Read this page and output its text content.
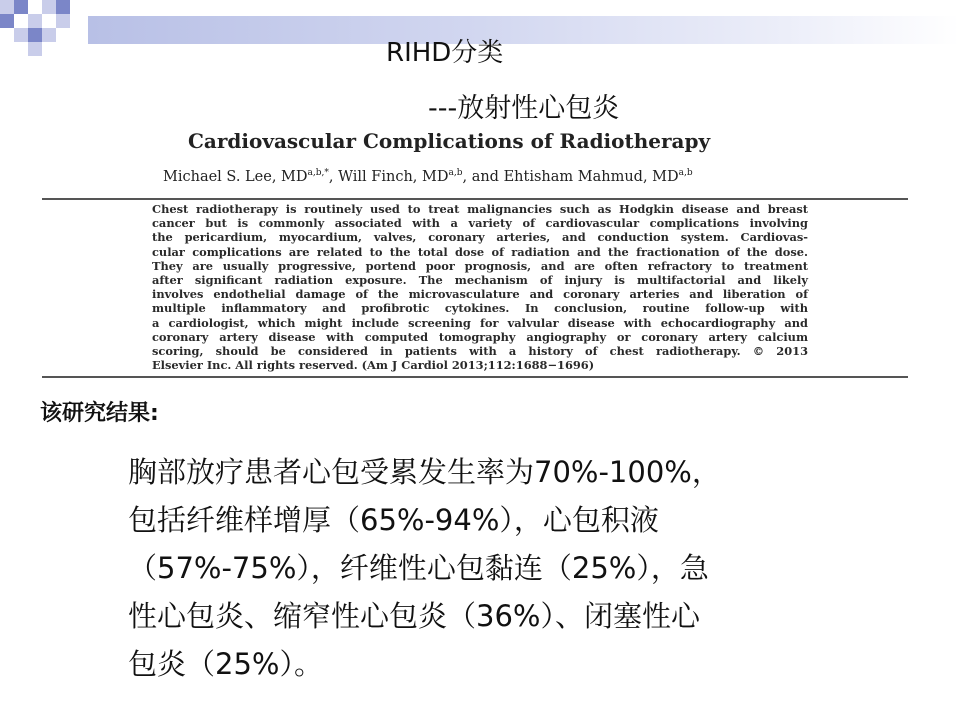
RIHD分类
---放射性心包炎
Cardiovascular Complications of Radiotherapy
Michael S. Lee, $MD^{a,b,*}$, Will Finch, MD$^{a,b}$, and Ehtisham Mahmud, MD$^{a,b}$
Chest radiotherapy is routinely used to treat malignancies such as Hodgkin disease and breast
cancer but is commonly associated with a variety of cardiovascular complications involving
the pericardium, myocardium, valves, coronary arteries, and conduction system. Cardiovas-
cular complications are related to the total dose of radiation and the fractionation of the dose.
They are usually progressive, portend poor prognosis, and are often refractory to treatment
after significant radiation exposure. The mechanism of injury is multifactorial and likely
involves endothelial damage of the microvasculature and coronary arteries and liberation of
multiple inflammatory and profibrotic cytokines. In conclusion, routine follow-up with
a cardiologist, which might include screening for valvular disease with echocardiography and
coronary artery disease with computed tomography angiography or coronary artery calcium
scoring, should be considered in patients with a history of chest radiotherapy. © 2013
Elsevier Inc. All rights reserved. (Am J Cardiol 2013;112:1688−1696)
该研究结果:
胸部放疗患者心包受累发生率为70%-100%，
包括纤维样增厚（65%-94%），心包积液
（57%-75%），纤维性心包黏连（25%），急
性心包炎、缩窄性心包炎（36%）、闭塞性心
包炎（25%）。
